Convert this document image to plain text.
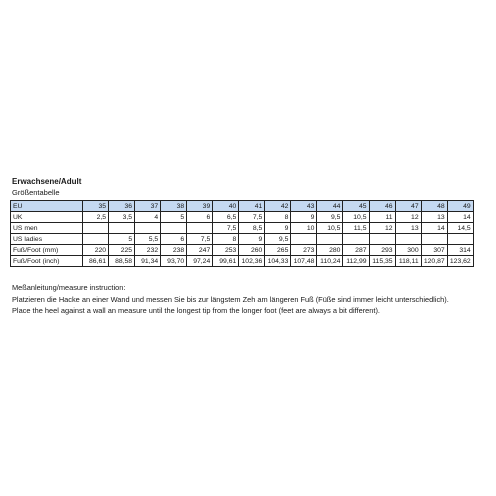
Erwachsene/Adult
Größentabelle
EU	35	36	37	38	39	40	41	42	43	44	45	46	47	48	49
UK	2,5	3,5	4	5	6	6,5	7,5	8	9	9,5	10,5	11	12	13	14
US men						7,5	8,5	9	10	10,5	11,5	12	13	14	14,5
US ladies		5	5,5	6	7,5	8	9	9,5							
Fuß/Foot (mm)	220	225	232	238	247	253	260	265	273	280	287	293	300	307	314
Fuß/Foot (inch)	86,61	88,58	91,34	93,70	97,24	99,61	102,36	104,33	107,48	110,24	112,99	115,35	118,11	120,87	123,62
Meßanleitung/measure instruction:
Platzieren die Hacke an einer Wand und messen Sie bis zur längstem Zeh am längeren Fuß (Füße sind immer leicht unterschiedlich).
Place the heel against a wall an measure until the longest tip from the longer foot (feet are always a bit different).
